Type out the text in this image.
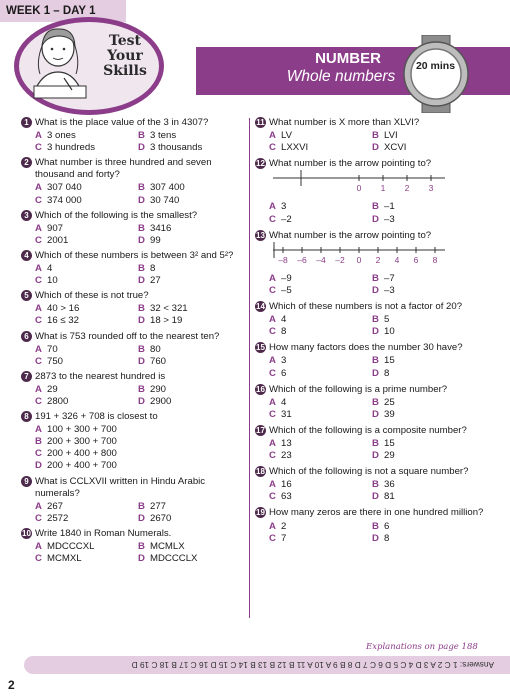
WEEK 1 – DAY 1
Test
Your
Skills
NUMBER
Whole numbers
20 mins
1 What is the place value of the 3 in 4307?

A 3 ones	B 3 tens
C 3 hundreds	D 3 thousands
2 What number is three hundred and seven thousand and forty?

A 307 040	B 307 400
C 374 000	D 30 740
3 Which of the following is the smallest?

A 907	B 3416
C 2001	D 99
4 Which of these numbers is between 3² and 5²?

A 4	B 8
C 10	D 27
5 Which of these is not true?

A 40 > 16	B 32 < 321
C 16 ≤ 32	D 18 > 19
6 What is 753 rounded off to the nearest ten?

A 70	B 80
C 750	D 760
7 2873 to the nearest hundred is

A 29	B 290
C 2800	D 2900
8 191 + 326 + 708 is closest to

A 100 + 300 + 700
B 200 + 300 + 700
C 200 + 400 + 800
D 200 + 400 + 700
9 What is CCLXVII written in Hindu Arabic numerals?

A 267	B 277
C 2572	D 2670
10 Write 1840 in Roman Numerals.

A MDCCCXL	B MCMLX
C MCMXL	D MDCCCLX
11 What number is X more than XLVI?

A LV	B LVI
C LXXVI	D XCVI
12 What number is the arrow pointing to?

0 1 2 3
A 3	B –1
C –2	D –3
13 What number is the arrow pointing to?

–8 –6 –4 –2 0 2 4 6 8
A –9	B –7
C –5	D –3
14 Which of these numbers is not a factor of 20?

A 4	B 5
C 8	D 10
15 How many factors does the number 30 have?

A 3	B 15
C 6	D 8
16 Which of the following is a prime number?

A 4	B 25
C 31	D 39
17 Which of the following is a composite number?

A 13	B 15
C 23	D 29
18 Which of the following is not a square number?

A 16	B 36
C 63	D 81
19 How many zeros are there in one hundred million?

A 2	B 6
C 7	D 8
Explanations on page 188
Answers: 1 C 2 A 3 D 4 C 5 D 6 C 7 D 8 B 9 A 10 A 11 B 12 B 13 B 14 C 15 D 16 C 17 B 18 C 19 D
2
